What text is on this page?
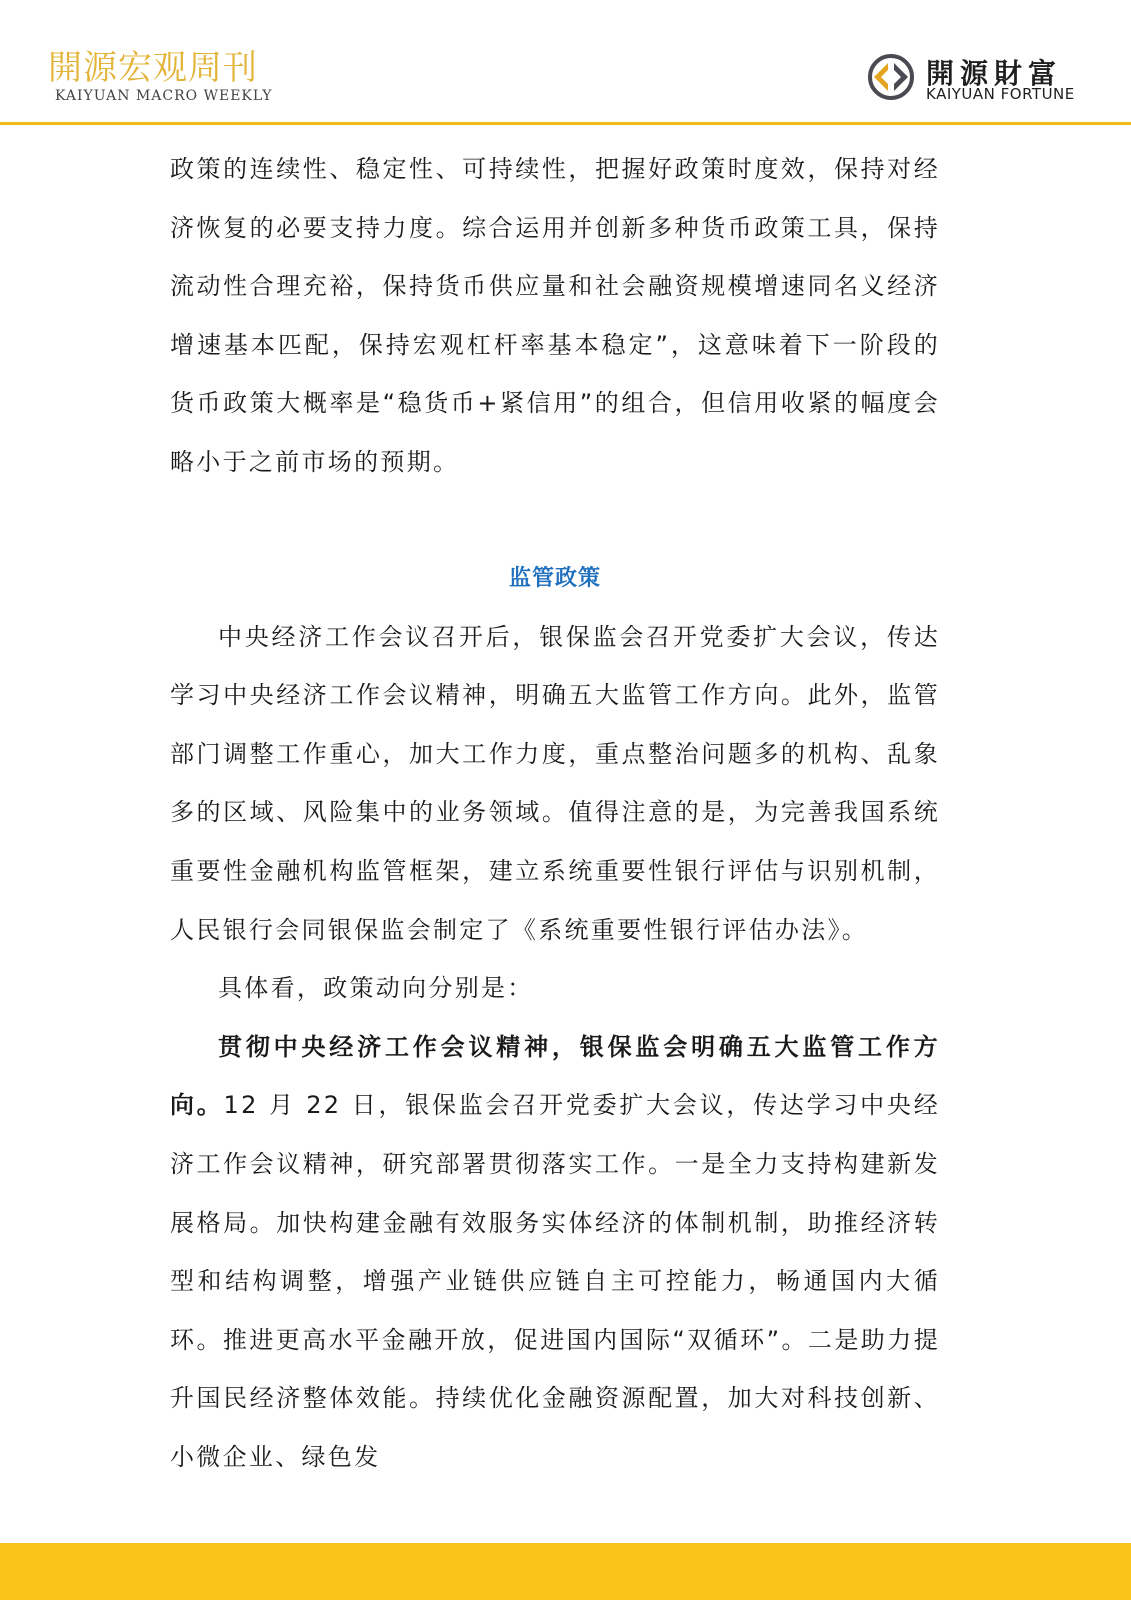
開源宏观周刊
KAIYUAN MACRO WEEKLY
開源財富
KAIYUAN FORTUNE

政策的连续性、稳定性、可持续性，把握好政策时度效，保持对经济恢复的必要支持力度。综合运用并创新多种货币政策工具，保持流动性合理充裕，保持货币供应量和社会融资规模增速同名义经济增速基本匹配，保持宏观杠杆率基本稳定”，这意味着下一阶段的货币政策大概率是“稳货币+紧信用”的组合，但信用收紧的幅度会略小于之前市场的预期。

监管政策

中央经济工作会议召开后，银保监会召开党委扩大会议，传达学习中央经济工作会议精神，明确五大监管工作方向。此外，监管部门调整工作重心，加大工作力度，重点整治问题多的机构、乱象多的区域、风险集中的业务领域。值得注意的是，为完善我国系统重要性金融机构监管框架，建立系统重要性银行评估与识别机制，人民银行会同银保监会制定了《系统重要性银行评估办法》。

具体看，政策动向分别是：

贯彻中央经济工作会议精神，银保监会明确五大监管工作方向。12 月 22 日，银保监会召开党委扩大会议，传达学习中央经济工作会议精神，研究部署贯彻落实工作。一是全力支持构建新发展格局。加快构建金融有效服务实体经济的体制机制，助推经济转型和结构调整，增强产业链供应链自主可控能力，畅通国内大循环。推进更高水平金融开放，促进国内国际“双循环”。二是助力提升国民经济整体效能。持续优化金融资源配置，加大对科技创新、小微企业、绿色发
